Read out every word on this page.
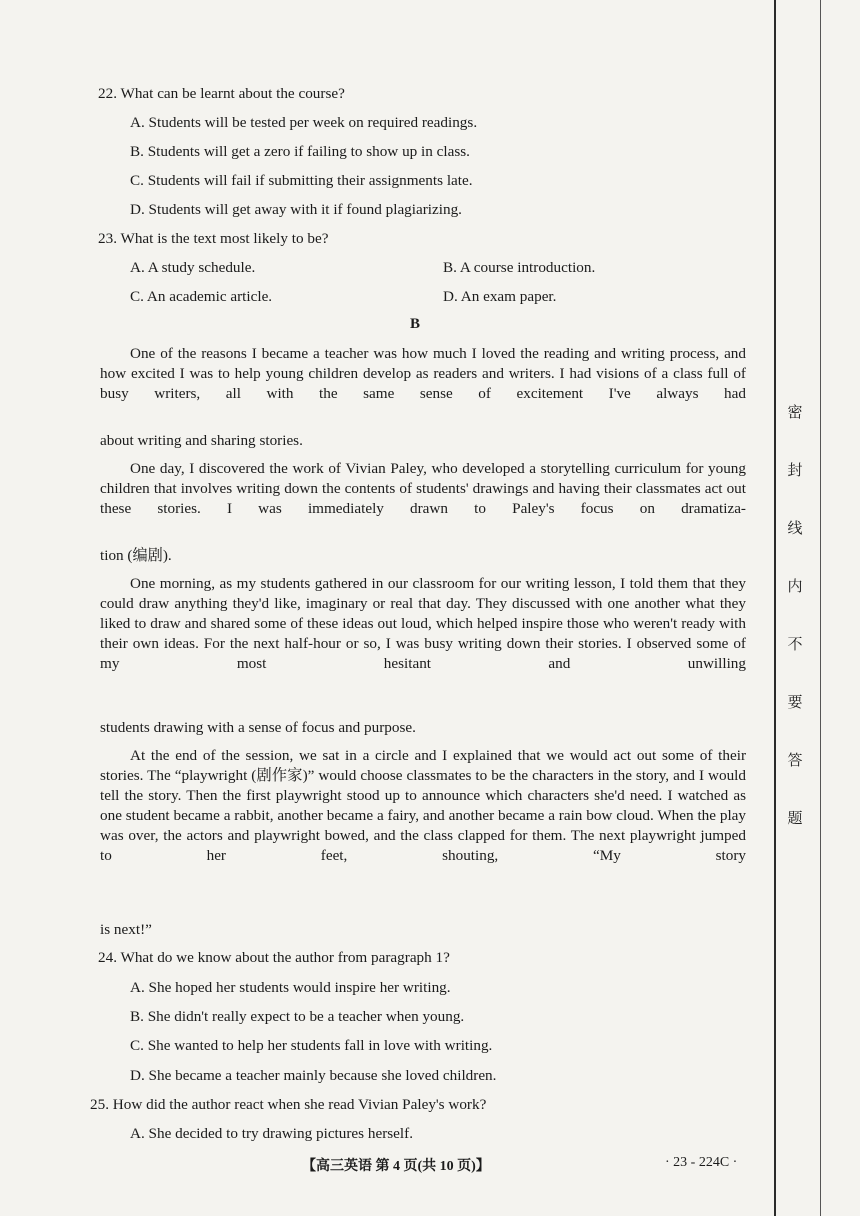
22. What can be learnt about the course?
A. Students will be tested per week on required readings.
B. Students will get a zero if failing to show up in class.
C. Students will fail if submitting their assignments late.
D. Students will get away with it if found plagiarizing.
23. What is the text most likely to be?
A. A study schedule.	B. A course introduction.
C. An academic article.	D. An exam paper.
B
One of the reasons I became a teacher was how much I loved the reading and writing process, and how excited I was to help young children develop as readers and writers. I had visions of a class full of busy writers, all with the same sense of excitement I've always had
about writing and sharing stories.
One day, I discovered the work of Vivian Paley, who developed a storytelling curriculum for young children that involves writing down the contents of students' drawings and having their classmates act out these stories. I was immediately drawn to Paley's focus on dramatiza-
tion (编剧).
One morning, as my students gathered in our classroom for our writing lesson, I told them that they could draw anything they'd like, imaginary or real that day. They discussed with one another what they liked to draw and shared some of these ideas out loud, which helped inspire those who weren't ready with their own ideas. For the next half-hour or so, I was busy writing down their stories. I observed some of my most hesitant and unwilling
students drawing with a sense of focus and purpose.
At the end of the session, we sat in a circle and I explained that we would act out some of their stories. The “playwright (剧作家)” would choose classmates to be the characters in the story, and I would tell the story. Then the first playwright stood up to announce which characters she'd need. I watched as one student became a rabbit, another became a fairy, and another became a rain bow cloud. When the play was over, the actors and playwright bowed, and the class clapped for them. The next playwright jumped to her feet, shouting, “My story
is next!”
24. What do we know about the author from paragraph 1?
A. She hoped her students would inspire her writing.
B. She didn't really expect to be a teacher when young.
C. She wanted to help her students fall in love with writing.
D. She became a teacher mainly because she loved children.
25. How did the author react when she read Vivian Paley's work?
A. She decided to try drawing pictures herself.
【高三英语 第 4 页(共 10 页)】	· 23 - 224C ·
密
封
线
内
不
要
答
题
